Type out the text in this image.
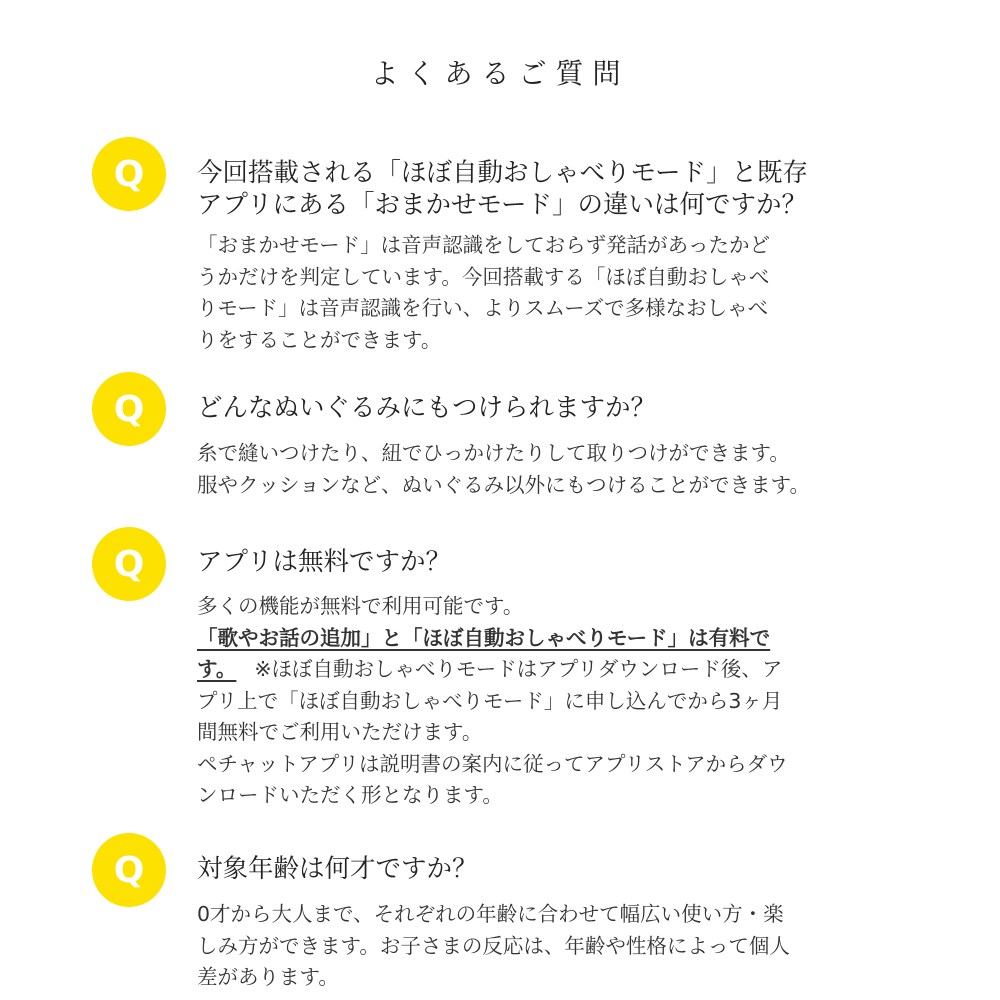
よくあるご質問
Q	今回搭載される「ほぼ自動おしゃべりモード」と既存
アプリにある「おまかせモード」の違いは何ですか？

「おまかせモード」は音声認識をしておらず発話があったかど
うかだけを判定しています。今回搭載する「ほぼ自動おしゃべ
りモード」は音声認識を行い、よりスムーズで多様なおしゃべ
りをすることができます。

Q	どんなぬいぐるみにもつけられますか？

糸で縫いつけたり、紐でひっかけたりして取りつけができます。
服やクッションなど、ぬいぐるみ以外にもつけることができます。

Q	アプリは無料ですか？

多くの機能が無料で利用可能です。
「歌やお話の追加」と「ほぼ自動おしゃべりモード」は有料で
す。 ※ほぼ自動おしゃべりモードはアプリダウンロード後、ア
プリ上で「ほぼ自動おしゃべりモード」に申し込んでから3ヶ月
間無料でご利用いただけます。
ペチャットアプリは説明書の案内に従ってアプリストアからダウ
ンロードいただく形となります。

Q	対象年齢は何才ですか？

0才から大人まで、それぞれの年齢に合わせて幅広い使い方・楽
しみ方ができます。お子さまの反応は、年齢や性格によって個人
差があります。
